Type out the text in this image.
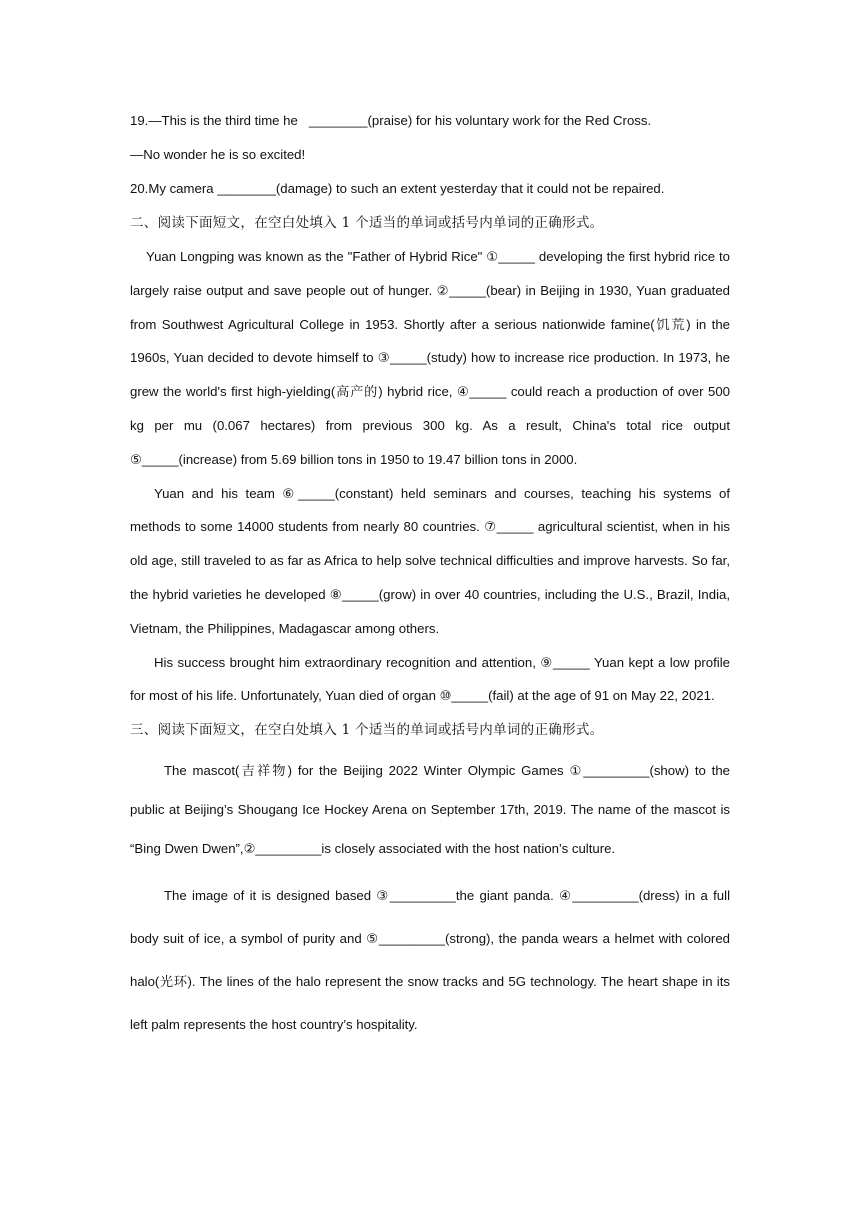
19.—This is the third time he   ________(praise) for his voluntary work for the Red Cross.

—No wonder he is so excited!

20.My camera ________(damage) to such an extent yesterday that it could not be repaired.

二、阅读下面短文，在空白处填入 1 个适当的单词或括号内单词的正确形式。

Yuan Longping was known as the "Father of Hybrid Rice" ①_____ developing the first hybrid rice to largely raise output and save people out of hunger. ②_____(bear) in Beijing in 1930, Yuan graduated from Southwest Agricultural College in 1953. Shortly after a serious nationwide famine(饥荒) in the 1960s, Yuan decided to devote himself to ③_____(study) how to increase rice production. In 1973, he grew the world's first high-yielding(高产的) hybrid rice, ④_____ could reach a production of over 500 kg per mu (0.067 hectares) from previous 300 kg. As a result, China's total rice output ⑤_____(increase) from 5.69 billion tons in 1950 to 19.47 billion tons in 2000.

Yuan and his team ⑥_____(constant) held seminars and courses, teaching his systems of methods to some 14000 students from nearly 80 countries. ⑦_____ agricultural scientist, when in his old age, still traveled to as far as Africa to help solve technical difficulties and improve harvests. So far, the hybrid varieties he developed ⑧_____(grow) in over 40 countries, including the U.S., Brazil, India, Vietnam, the Philippines, Madagascar among others.

His success brought him extraordinary recognition and attention, ⑨_____ Yuan kept a low profile for most of his life. Unfortunately, Yuan died of organ ⑩_____(fail) at the age of 91 on May 22, 2021.

三、阅读下面短文，在空白处填入 1 个适当的单词或括号内单词的正确形式。

The mascot(吉祥物) for the Beijing 2022 Winter Olympic Games ①_________(show) to the public at Beijing’s Shougang Ice Hockey Arena on September 17th, 2019. The name of the mascot is “Bing Dwen Dwen”,②_________is closely associated with the host nation’s culture.

The image of it is designed based ③_________the giant panda. ④_________(dress) in a full body suit of ice, a symbol of purity and ⑤_________(strong), the panda wears a helmet with colored halo(光环). The lines of the halo represent the snow tracks and 5G technology. The heart shape in its left palm represents the host country’s hospitality.
